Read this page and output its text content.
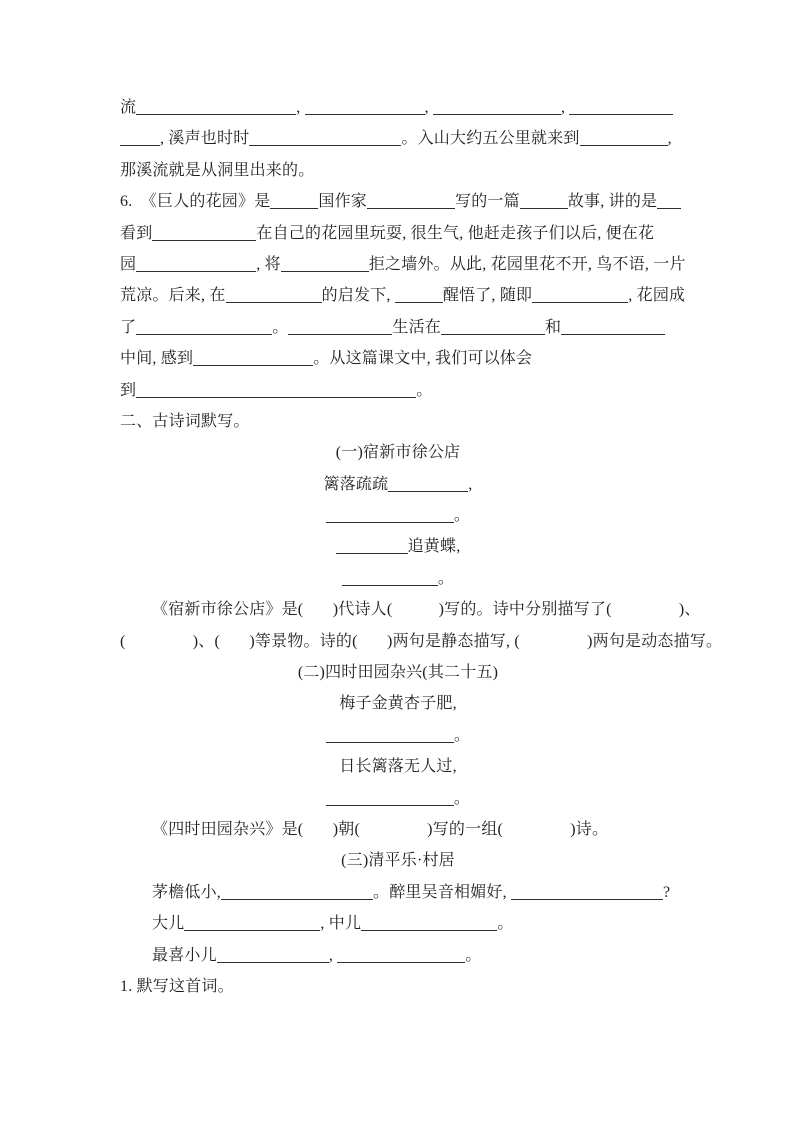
流	,	,	,
, 溪声也时时	。入山大约五公里就来到	,
那溪流就是从洞里出来的。
6.  《巨人的花园》是	国作家	写的一篇	故事, 讲的是
看到	在自己的花园里玩耍, 很生气, 他赶走孩子们以后, 便在花
园	, 将	拒之墙外。从此, 花园里花不开, 鸟不语, 一片
荒凉。后来, 在	的启发下,	醒悟了, 随即	, 花园成
了	。	生活在	和
中间, 感到	。从这篇课文中, 我们可以体会
到	。
二、古诗词默写。
(一)宿新市徐公店
篱落疏疏	,
。
追黄蝶,
。
《宿新市徐公店》是(       )代诗人(           )写的。诗中分别描写了(                )、
(                )、(       )等景物。诗的(       )两句是静态描写, (                )两句是动态描写。
(二)四时田园杂兴(其二十五)
梅子金黄杏子肥,
。
日长篱落无人过,
。
《四时田园杂兴》是(       )朝(                )写的一组(                )诗。
(三)清平乐·村居
茅檐低小,	。醉里吴音相媚好,	?
大儿	, 中儿	。
最喜小儿	,	。
1. 默写这首词。
